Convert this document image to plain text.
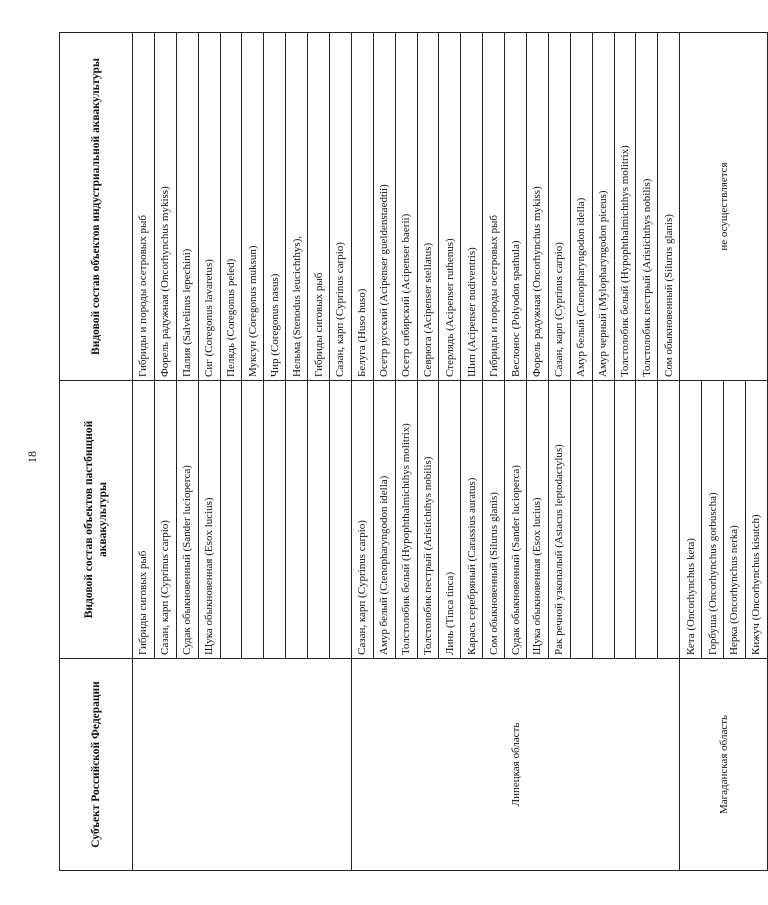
18
Субъект Российской Федерации	Видовой состав объектов пастбищной аквакультуры	Видовой состав объектов индустриальной аквакультуры
	Гибриды сиговых рыб	Гибриды и породы осетровых рыб
	Сазан, карп (Cyprinus carpio)	Форель радужная (Oncorhynchus mykiss)
	Судак обыкновенный (Sander lucioperca)	Палия (Salvelinus lepechini)
	Щука обыкновенная (Esox lucius)	Сиг (Coregonus lavaretus)
		Пелядь (Coregonus peled)
		Муксун (Coregonus muksun)
		Чир (Coregonus nasus)
		Нельма (Stenodus leucichthys),
		Гибриды сиговых рыб
		Сазан, карп (Cyprinus carpio)
Липецкая область	Сазан, карп (Cyprinus carpio)	Белуга (Huso huso)
	Амур белый (Ctenopharyngodon idella)	Осетр русский (Acipenser gueldenstaedtii)
	Толстолобик белый (Hypophthalmichthys molitrix)	Осетр сибирский (Acipenser baerii)
	Толстолобик пестрый (Aristichthys nobilis)	Севрюга (Acipenser stellatus)
	Линь (Tinca tinca)	Стерлядь (Acipenser ruthenus)
	Карась серебряный (Carassius auratus)	Шип (Acipenser nudiventris)
	Сом обыкновенный (Silurus glanis)	Гибриды и породы осетровых рыб
	Судак обыкновенный (Sander lucioperca)	Веслонос (Polyodon spathula)
	Щука обыкновенная (Esox lucius)	Форель радужная (Oncorhynchus mykiss)
	Рак речной узкопалый (Astacus leptodactylus)	Сазан, карп (Cyprinus carpio)
		Амур белый (Ctenopharyngodon idella)
		Амур черный (Mylopharyngodon piceus)
		Толстолобик белый (Hypophthalmichthys molitrix)
		Толстолобик пестрый (Aristichthys nobilis)
		Сом обыкновенный (Silurus glanis)
Магаданская область	Кета (Oncorhynchus keta)	не осуществляется
	Горбуша (Oncorhynchus gorbuscha)	
	Нерка (Oncorhynchus nerka)	
	Кижуч (Oncorhynchus kisutch)	
